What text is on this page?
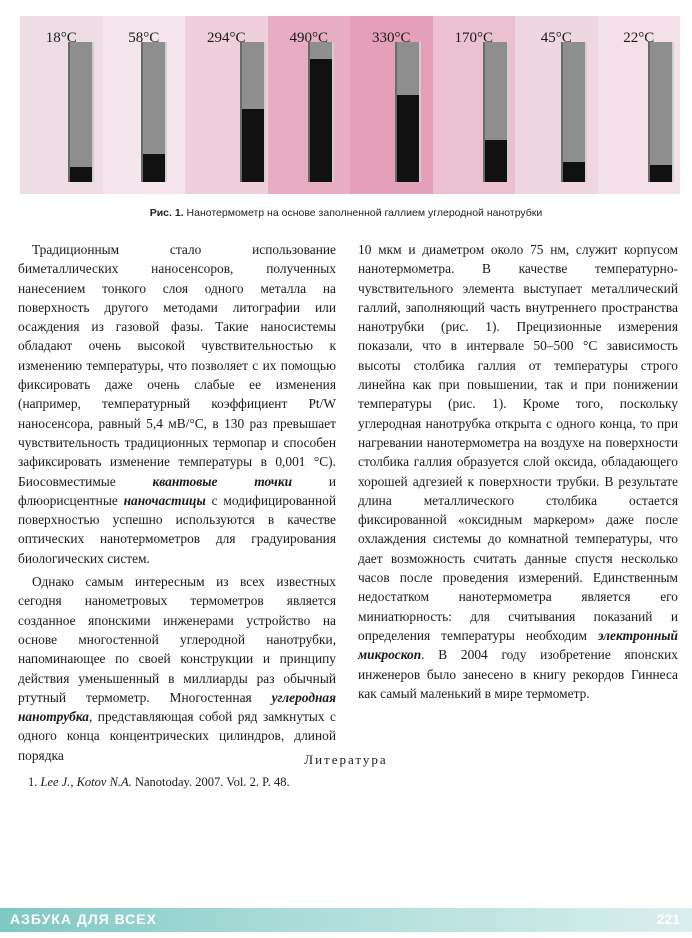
18°C	58°C	294°C	490°C	330°C	170°C	45°C	22°C
Рис. 1. Нанотермометр на основе заполненной галлием углеродной нанотрубки

Традиционным стало использование биметаллических наносенсоров, полученных нанесением тонкого слоя одного металла на поверхность другого методами литографии или осаждения из газовой фазы. Такие наносистемы обладают очень высокой чувствительностью к изменению температуры, что позволяет с их помощью фиксировать даже очень слабые ее изменения (например, температурный коэффициент Pt/W наносенсора, равный 5,4 мВ/°С, в 130 раз превышает чувствительность традиционных термопар и способен зафиксировать изменение температуры в 0,001 °С). Биосовместимые квантовые точки и флюорисцентные наночастицы с модифицированной поверхностью успешно используются в качестве оптических нанотермометров для градуирования биологических систем.

Однако самым интересным из всех известных сегодня нанометровых термометров является созданное японскими инженерами устройство на основе многостенной углеродной нанотрубки, напоминающее по своей конструкции и принципу действия уменьшенный в миллиарды раз обычный ртутный термометр. Многостенная углеродная нанотрубка, представляющая собой ряд замкнутых с одного конца концентрических цилиндров, длиной порядка

10 мкм и диаметром около 75 нм, служит корпусом нанотермометра. В качестве температурно-чувствительного элемента выступает металлический галлий, заполняющий часть внутреннего пространства нанотрубки (рис. 1). Прецизионные измерения показали, что в интервале 50–500 °С зависимость высоты столбика галлия от температуры строго линейна как при повышении, так и при понижении температуры (рис. 1). Кроме того, поскольку углеродная нанотрубка открыта с одного конца, то при нагревании нанотермометра на воздухе на поверхности столбика галлия образуется слой оксида, обладающего хорошей адгезией к поверхности трубки. В результате длина металлического столбика остается фиксированной «оксидным маркером» даже после охлаждения системы до комнатной температуры, что дает возможность считать данные спустя несколько часов после проведения измерений. Единственным недостатком нанотермометра является его миниатюрность: для считывания показаний и определения температуры необходим электронный микроскоп. В 2004 году изобретение японских инженеров было занесено в книгу рекордов Гиннеса как самый маленький в мире термометр.

Литература
1. Lee J., Kotov N.A. Nanotoday. 2007. Vol. 2. P. 48.
АЗБУКА ДЛЯ ВСЕХ	221
